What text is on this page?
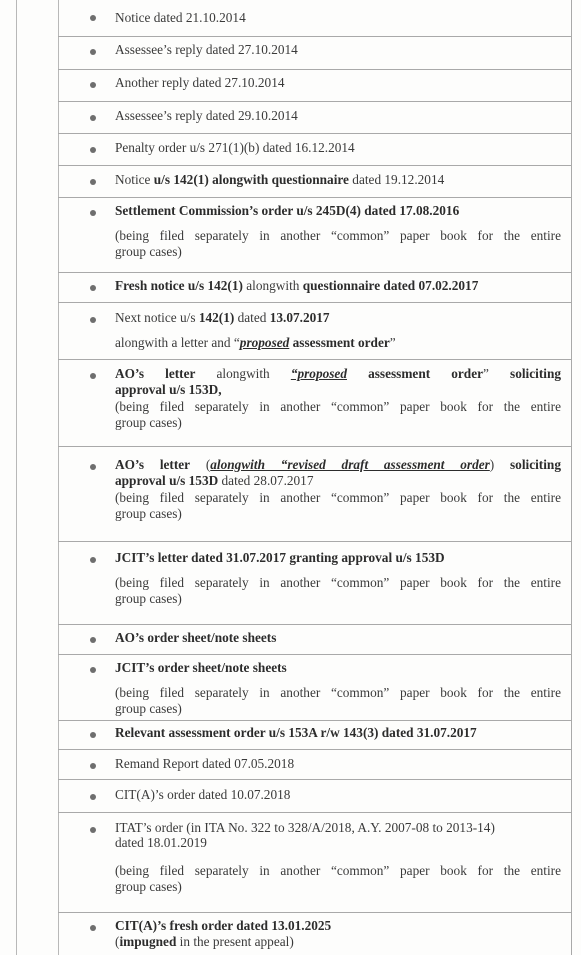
Notice dated 21.10.2014
Assessee’s reply dated 27.10.2014
Another reply dated 27.10.2014
Assessee’s reply dated 29.10.2014
Penalty order u/s 271(1)(b) dated 16.12.2014
Notice u/s 142(1) alongwith questionnaire dated 19.12.2014
Settlement Commission’s order u/s 245D(4) dated 17.08.2016
(being filed separately in another “common” paper book for the entire
group cases)
Fresh notice u/s 142(1) alongwith questionnaire dated 07.02.2017
Next notice u/s 142(1) dated 13.07.2017
alongwith a letter and “proposed assessment order”
AO’s letter alongwith “proposed assessment order” soliciting
approval u/s 153D,
(being filed separately in another “common” paper book for the entire
group cases)
AO’s letter (alongwith “revised draft assessment order) soliciting
approval u/s 153D dated 28.07.2017
(being filed separately in another “common” paper book for the entire
group cases)
JCIT’s letter dated 31.07.2017 granting approval u/s 153D
(being filed separately in another “common” paper book for the entire
group cases)
AO’s order sheet/note sheets
JCIT’s order sheet/note sheets
(being filed separately in another “common” paper book for the entire
group cases)
Relevant assessment order u/s 153A r/w 143(3) dated 31.07.2017
Remand Report dated 07.05.2018
CIT(A)’s order dated 10.07.2018
ITAT’s order (in ITA No. 322 to 328/A/2018, A.Y. 2007-08 to 2013-14)
dated 18.01.2019
(being filed separately in another “common” paper book for the entire
group cases)
CIT(A)’s fresh order dated 13.01.2025
(impugned in the present appeal)
